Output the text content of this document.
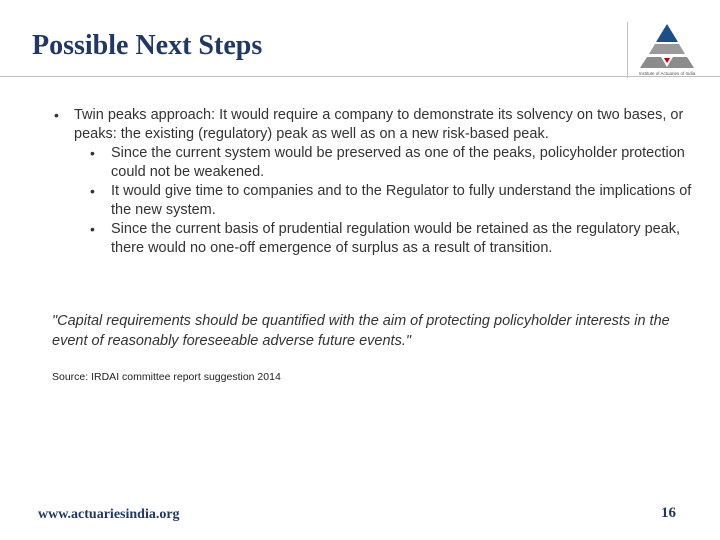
Possible Next Steps
Institute of Actuaries of India
• Twin peaks approach: It would require a company to demonstrate its solvency on two bases, or peaks: the existing (regulatory) peak as well as on a new risk-based peak.
• Since the current system would be preserved as one of the peaks, policyholder protection could not be weakened.
• It would give time to companies and to the Regulator to fully understand the implications of the new system.
• Since the current basis of prudential regulation would be retained as the regulatory peak, there would no one-off emergence of surplus as a result of transition.
"Capital requirements should be quantified with the aim of protecting policyholder interests in the event of reasonably foreseeable adverse future events."
Source: IRDAI committee report suggestion 2014
www.actuariesindia.org	16
